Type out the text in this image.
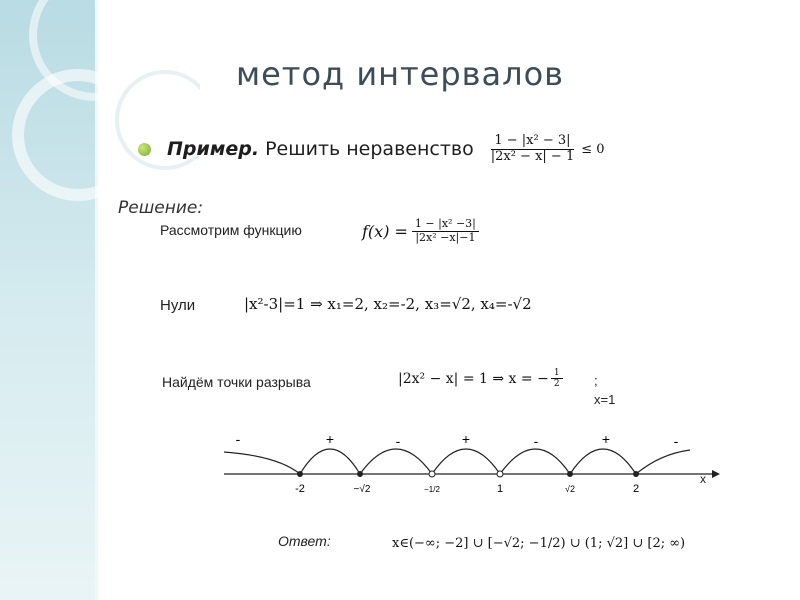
метод интервалов
Пример. Решить неравенство $\frac{\text{1 − |x² − 3|}}{\text{|2x² − x| − 1}} \le 0$
Решение:
Рассмотрим функцию	$f(x) = \frac{\text{1 − |x² −3|}}{\text{|2x² −x|−1}}$
Нули	|x²-3|=1 ⇒ x₁=2, x₂=-2, x₃=√2, x₄=-√2
Найдём точки разрыва	|2x² − x| = 1 ⇒ x = − $\frac{1}{2}$ ;
x=1
x
-	+	-	+	-	+	-
-2	−√2	−1/2	1	√2	2
Ответ:	x∈(−∞; −2] ∪ [−√2; −1/2) ∪ (1; √2] ∪ [2; ∞)
